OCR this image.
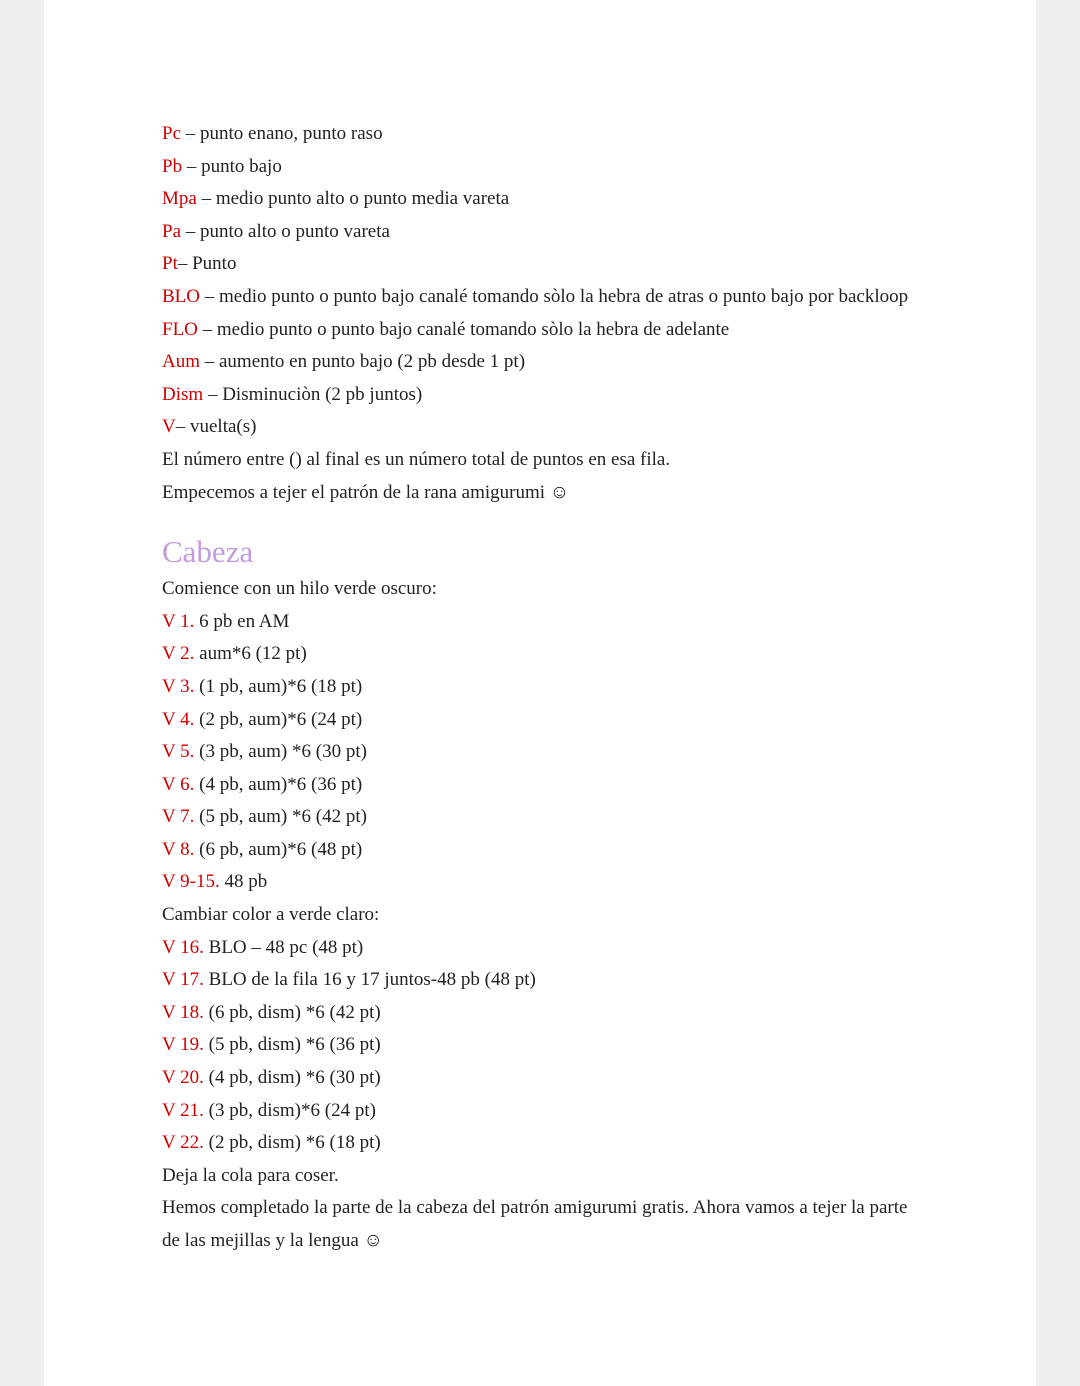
Pc – punto enano, punto raso
Pb – punto bajo
Mpa – medio punto alto o punto media vareta
Pa – punto alto o punto vareta
Pt– Punto
BLO – medio punto o punto bajo canalé tomando sòlo la hebra de atras o punto bajo por backloop
FLO – medio punto o punto bajo canalé tomando sòlo la hebra de adelante
Aum – aumento en punto bajo (2 pb desde 1 pt)
Dism – Disminuciòn (2 pb juntos)
V– vuelta(s)
El número entre () al final es un número total de puntos en esa fila.
Empecemos a tejer el patrón de la rana amigurumi ☺
Cabeza
Comience con un hilo verde oscuro:
V 1. 6 pb en AM
V 2. aum*6 (12 pt)
V 3. (1 pb, aum)*6 (18 pt)
V 4. (2 pb, aum)*6 (24 pt)
V 5. (3 pb, aum) *6 (30 pt)
V 6. (4 pb, aum)*6 (36 pt)
V 7. (5 pb, aum) *6 (42 pt)
V 8. (6 pb, aum)*6 (48 pt)
V 9-15. 48 pb
Cambiar color a verde claro:
V 16. BLO – 48 pc (48 pt)
V 17. BLO de la fila 16 y 17 juntos-48 pb (48 pt)
V 18. (6 pb, dism) *6 (42 pt)
V 19. (5 pb, dism) *6 (36 pt)
V 20. (4 pb, dism) *6 (30 pt)
V 21. (3 pb, dism)*6 (24 pt)
V 22. (2 pb, dism) *6 (18 pt)
Deja la cola para coser.
Hemos completado la parte de la cabeza del patrón amigurumi gratis. Ahora vamos a tejer la parte de las mejillas y la lengua ☺
